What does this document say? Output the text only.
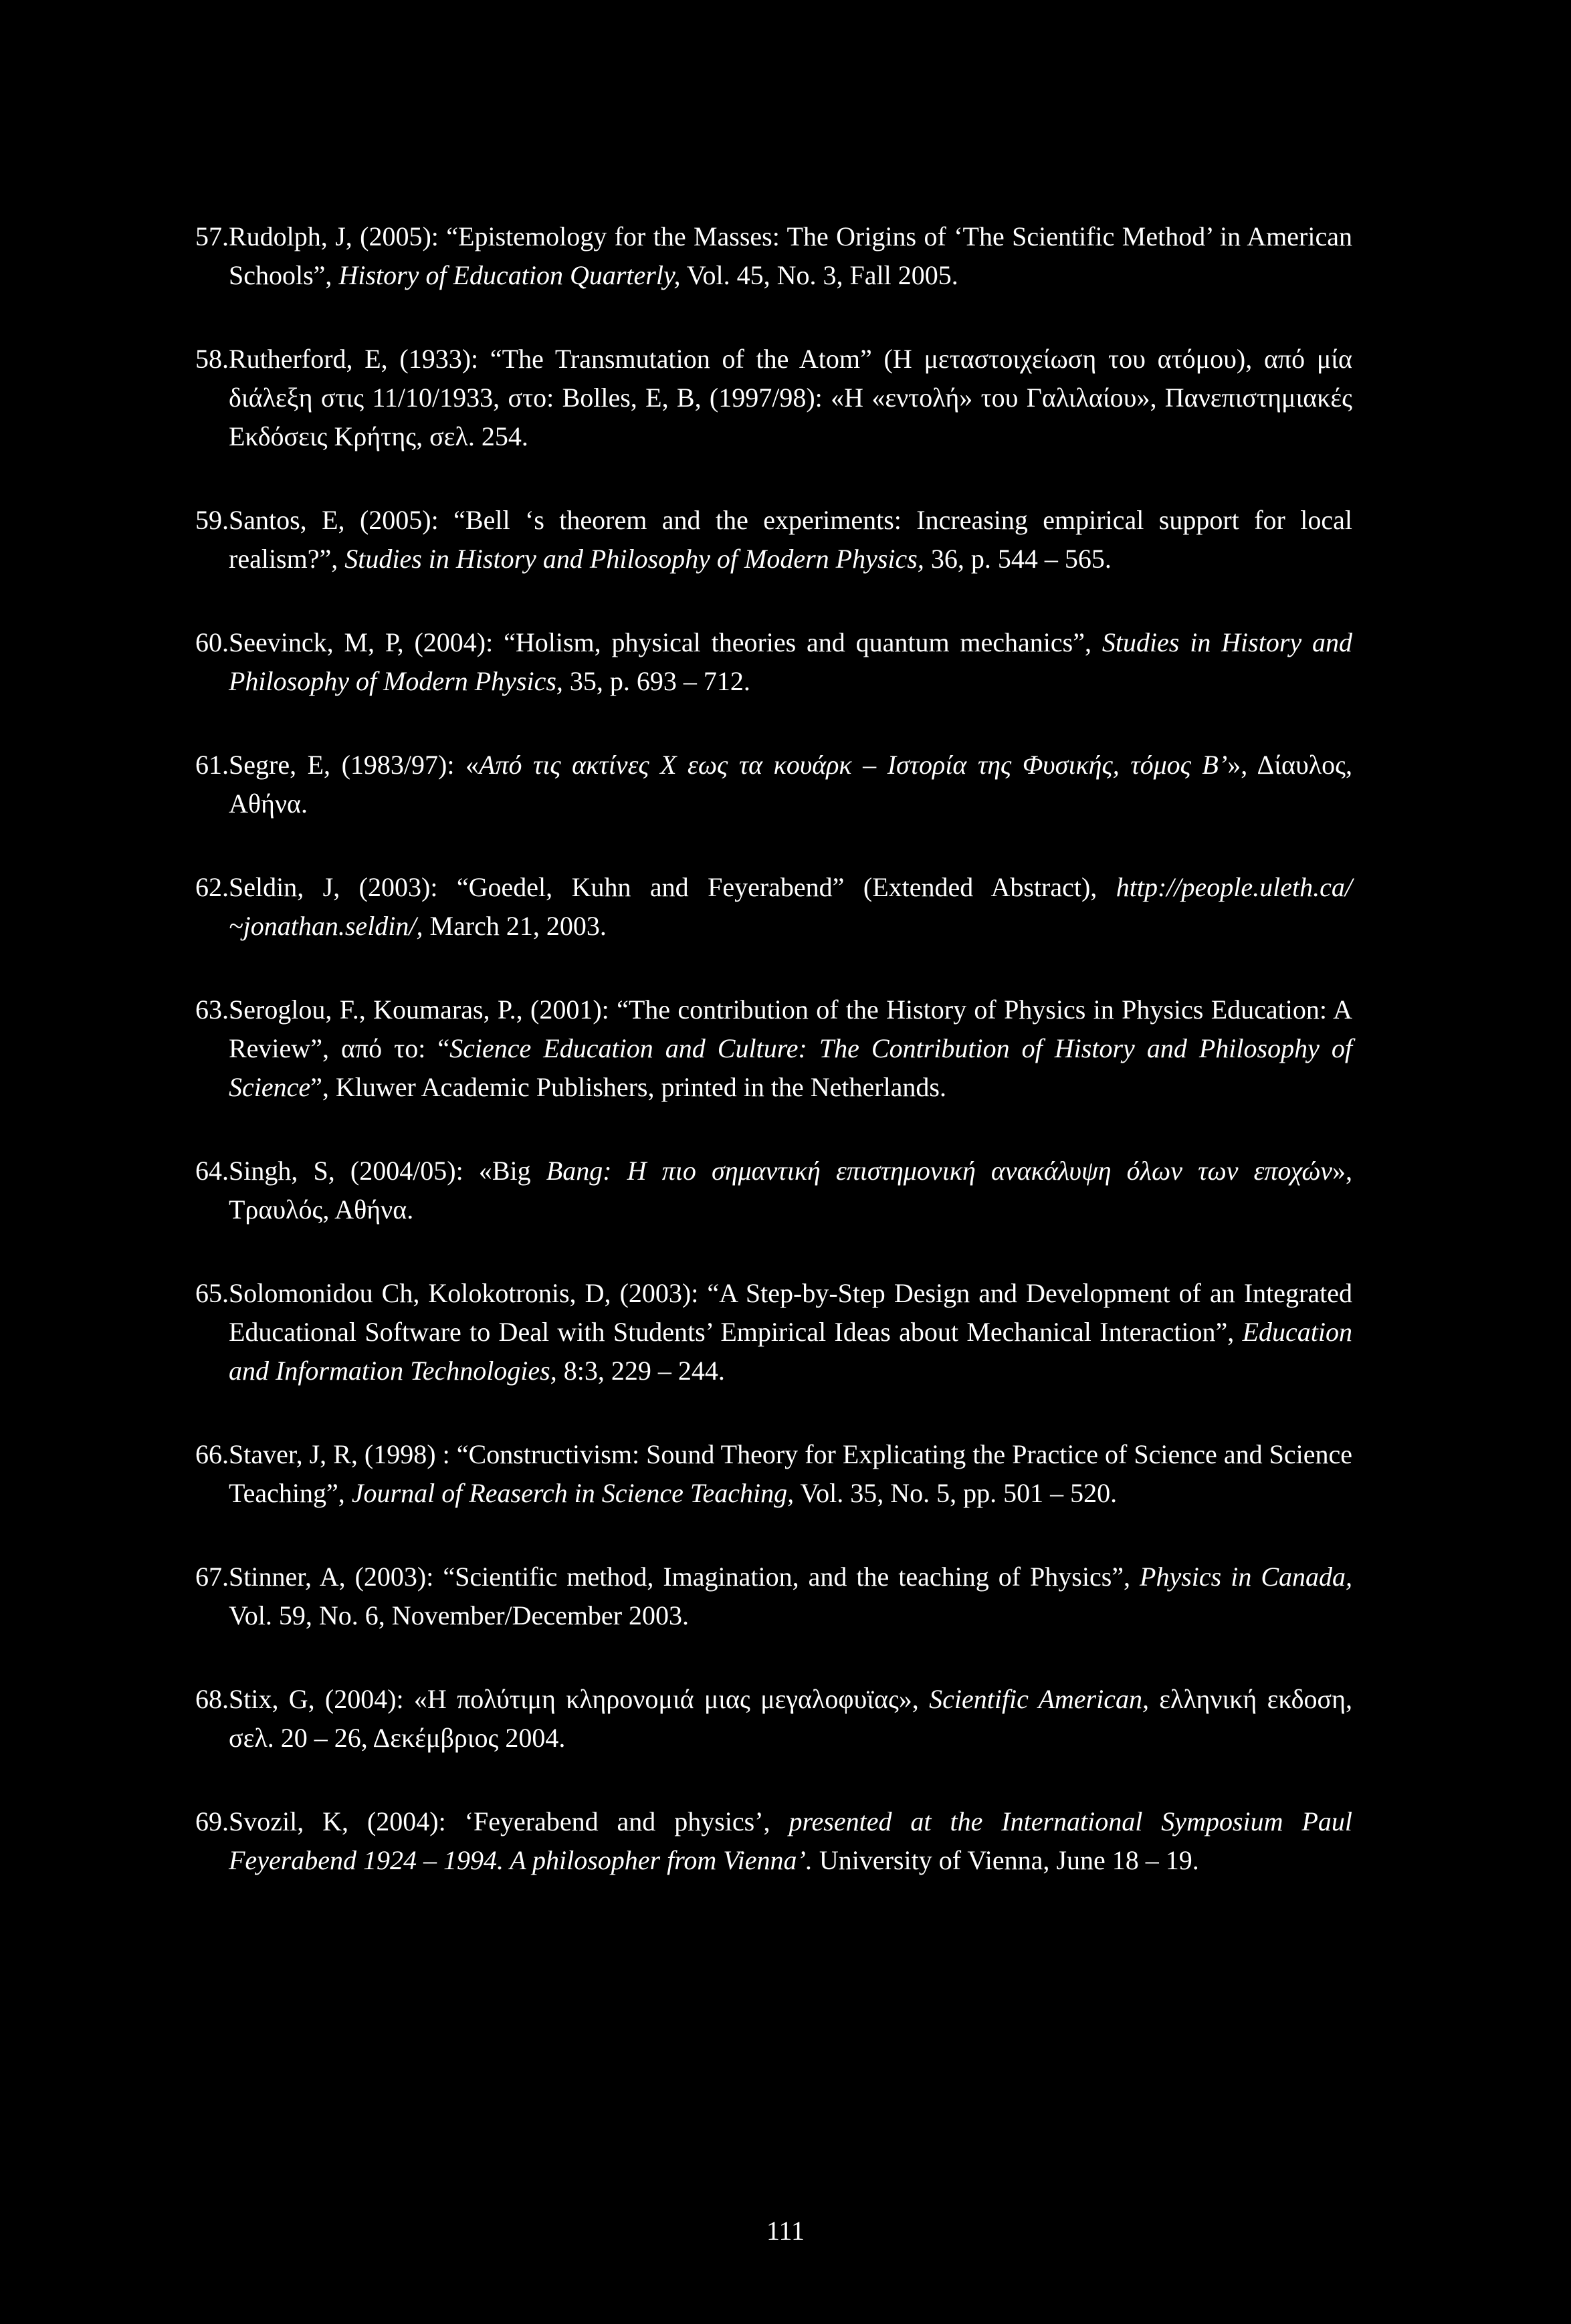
57. Rudolph, J, (2005): “Epistemology for the Masses: The Origins of ‘The Scientific Method’ in American Schools”, History of Education Quarterly, Vol. 45, No. 3, Fall 2005.
58. Rutherford, E, (1933): “The Transmutation of the Atom” (Η μεταστοιχείωση του ατόμου), από μία διάλεξη στις 11/10/1933, στο: Bolles, E, B, (1997/98): «Η «εντολή» του Γαλιλαίου», Πανεπιστημιακές Εκδόσεις Κρήτης, σελ. 254.
59. Santos, E, (2005): “Bell ‘s theorem and the experiments: Increasing empirical support for local realism?”, Studies in History and Philosophy of Modern Physics, 36, p. 544 – 565.
60. Seevinck, M, P, (2004): “Holism, physical theories and quantum mechanics”, Studies in History and Philosophy of Modern Physics, 35, p. 693 – 712.
61. Segre, E, (1983/97): «Από τις ακτίνες X εως τα κουάρκ – Ιστορία της Φυσικής, τόμος Β’», Δίαυλος, Αθήνα.
62. Seldin, J, (2003): “Goedel, Kuhn and Feyerabend” (Extended Abstract), http://people.uleth.ca/ ~jonathan.seldin/, March 21, 2003.
63. Seroglou, F., Koumaras, P., (2001): “The contribution of the History of Physics in Physics Education: A Review”, από το: “Science Education and Culture: The Contribution of History and Philosophy of Science”, Kluwer Academic Publishers, printed in the Netherlands.
64. Singh, S, (2004/05): «Big Bang: Η πιο σημαντική επιστημονική ανακάλυψη όλων των εποχών», Τραυλός, Αθήνα.
65. Solomonidou Ch, Kolokotronis, D, (2003): “A Step-by-Step Design and Development of an Integrated Educational Software to Deal with Students’ Empirical Ideas about Mechanical Interaction”, Education and Information Technologies, 8:3, 229 – 244.
66. Staver, J, R, (1998) : “Constructivism: Sound Theory for Explicating the Practice of Science and Science Teaching”, Journal of Reaserch in Science Teaching, Vol. 35, No. 5, pp. 501 – 520.
67. Stinner, A, (2003): “Scientific method, Imagination, and the teaching of Physics”, Physics in Canada, Vol. 59, No. 6, November/December 2003.
68. Stix, G, (2004): «Η πολύτιμη κληρονομιά μιας μεγαλοφυϊας», Scientific American, ελληνική εκδοση, σελ. 20 – 26, Δεκέμβριος 2004.
69. Svozil, K, (2004): ‘Feyerabend and physics’, presented at the International Symposium Paul Feyerabend 1924 – 1994. A philosopher from Vienna’. University of Vienna, June 18 – 19.
111
